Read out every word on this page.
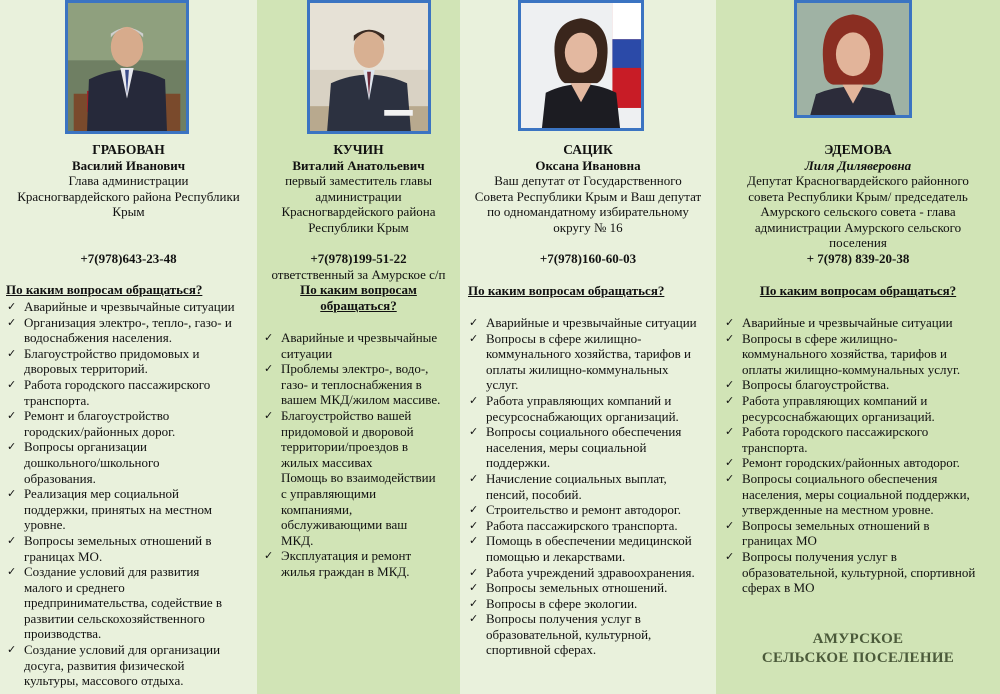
ГРАБОВАН
Василий Иванович
Глава администрации
Красногвардейского района Республики
Крым
+7(978)643-23-48
По каким вопросам обращаться?
✓ Аварийные и чрезвычайные ситуации
✓ Организация электро-, тепло-, газо- и
водоснабжения населения.
✓ Благоустройство придомовых и
дворовых территорий.
✓ Работа городского пассажирского
транспорта.
✓ Ремонт и благоустройство
городских/районных дорог.
✓ Вопросы организации
дошкольного/школьного
образования.
✓ Реализация мер социальной
поддержки, принятых на местном
уровне.
✓ Вопросы земельных отношений в
границах МО.
✓ Создание условий для развития
малого и среднего
предпринимательства, содействие в
развитии сельскохозяйственного
производства.
✓ Создание условий для организации
досуга, развития физической
культуры, массового отдыха.
КУЧИН
Виталий Анатольевич
первый заместитель главы
администрации
Красногвардейского района
Республики Крым
+7(978)199-51-22
ответственный за Амурское с/п
По каким вопросам
обращаться?
✓ Аварийные и чрезвычайные
ситуации
✓ Проблемы электро-, водо-,
газо- и теплоснабжения в
вашем МКД/жилом массиве.
✓ Благоустройство вашей
придомовой и дворовой
территории/проездов в
жилых массивах
Помощь во взаимодействии
с управляющими
компаниями,
обслуживающими ваш
МКД.
✓ Эксплуатация и ремонт
жилья граждан в МКД.
САЦИК
Оксана Ивановна
Ваш депутат от Государственного
Совета Республики Крым и Ваш депутат
по одномандатному избирательному
округу № 16
+7(978)160-60-03
По каким вопросам обращаться?
✓ Аварийные и чрезвычайные ситуации
✓ Вопросы в сфере жилищно-
коммунального хозяйства, тарифов и
оплаты жилищно-коммунальных
услуг.
✓ Работа управляющих компаний и
ресурсоснабжающих организаций.
✓ Вопросы социального обеспечения
населения, меры социальной
поддержки.
✓ Начисление социальных выплат,
пенсий, пособий.
✓ Строительство и ремонт автодорог.
✓ Работа пассажирского транспорта.
✓ Помощь в обеспечении медицинской
помощью и лекарствами.
✓ Работа учреждений здравоохранения.
✓ Вопросы земельных отношений.
✓ Вопросы в сфере экологии.
✓ Вопросы получения услуг в
образовательной, культурной,
спортивной сферах.
ЭДЕМОВА
Лиля Диляверовна
Депутат Красногвардейского районного
совета Республики Крым/ председатель
Амурского сельского совета - глава
администрации Амурского сельского
поселения
+ 7(978) 839-20-38
По каким вопросам обращаться?
✓ Аварийные и чрезвычайные ситуации
✓ Вопросы в сфере жилищно-
коммунального хозяйства, тарифов и
оплаты жилищно-коммунальных услуг.
✓ Вопросы благоустройства.
✓ Работа управляющих компаний и
ресурсоснабжающих организаций.
✓ Работа городского пассажирского
транспорта.
✓ Ремонт городских/районных автодорог.
✓ Вопросы социального обеспечения
населения, меры социальной поддержки,
утвержденные на местном уровне.
✓ Вопросы земельных отношений в
границах МО
✓ Вопросы получения услуг в
образовательной, культурной, спортивной
сферах в МО
АМУРСКОЕ
СЕЛЬСКОЕ ПОСЕЛЕНИЕ
